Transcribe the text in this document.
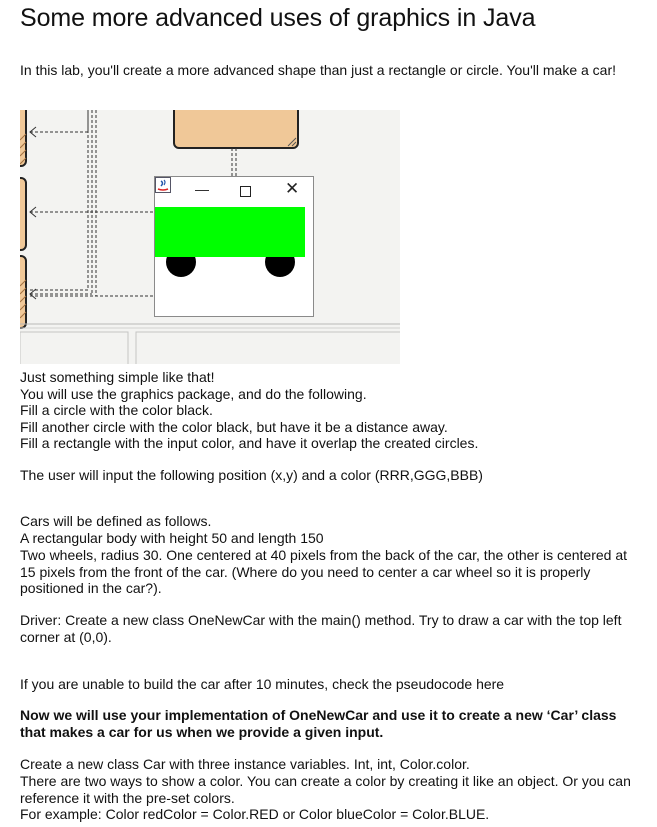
Some more advanced uses of graphics in Java

In this lab, you'll create a more advanced shape than just a rectangle or circle. You'll make a car!

—	✕

Just something simple like that!

You will use the graphics package, and do the following.

Fill a circle with the color black.

Fill another circle with the color black, but have it be a distance away.

Fill a rectangle with the input color, and have it overlap the created circles.

The user will input the following position (x,y) and a color (RRR,GGG,BBB)

Cars will be defined as follows.

A rectangular body with height 50 and length 150

Two wheels, radius 30. One centered at 40 pixels from the back of the car, the other is centered at 15 pixels from the front of the car. (Where do you need to center a car wheel so it is properly positioned in the car?).

Driver: Create a new class OneNewCar with the main() method. Try to draw a car with the top left corner at (0,0).

If you are unable to build the car after 10 minutes, check the pseudocode here

Now we will use your implementation of OneNewCar and use it to create a new ‘Car’ class that makes a car for us when we provide a given input.

Create a new class Car with three instance variables. Int, int, Color.color.

There are two ways to show a color. You can create a color by creating it like an object. Or you can reference it with the pre-set colors.

For example: Color redColor = Color.RED or Color blueColor = Color.BLUE.
